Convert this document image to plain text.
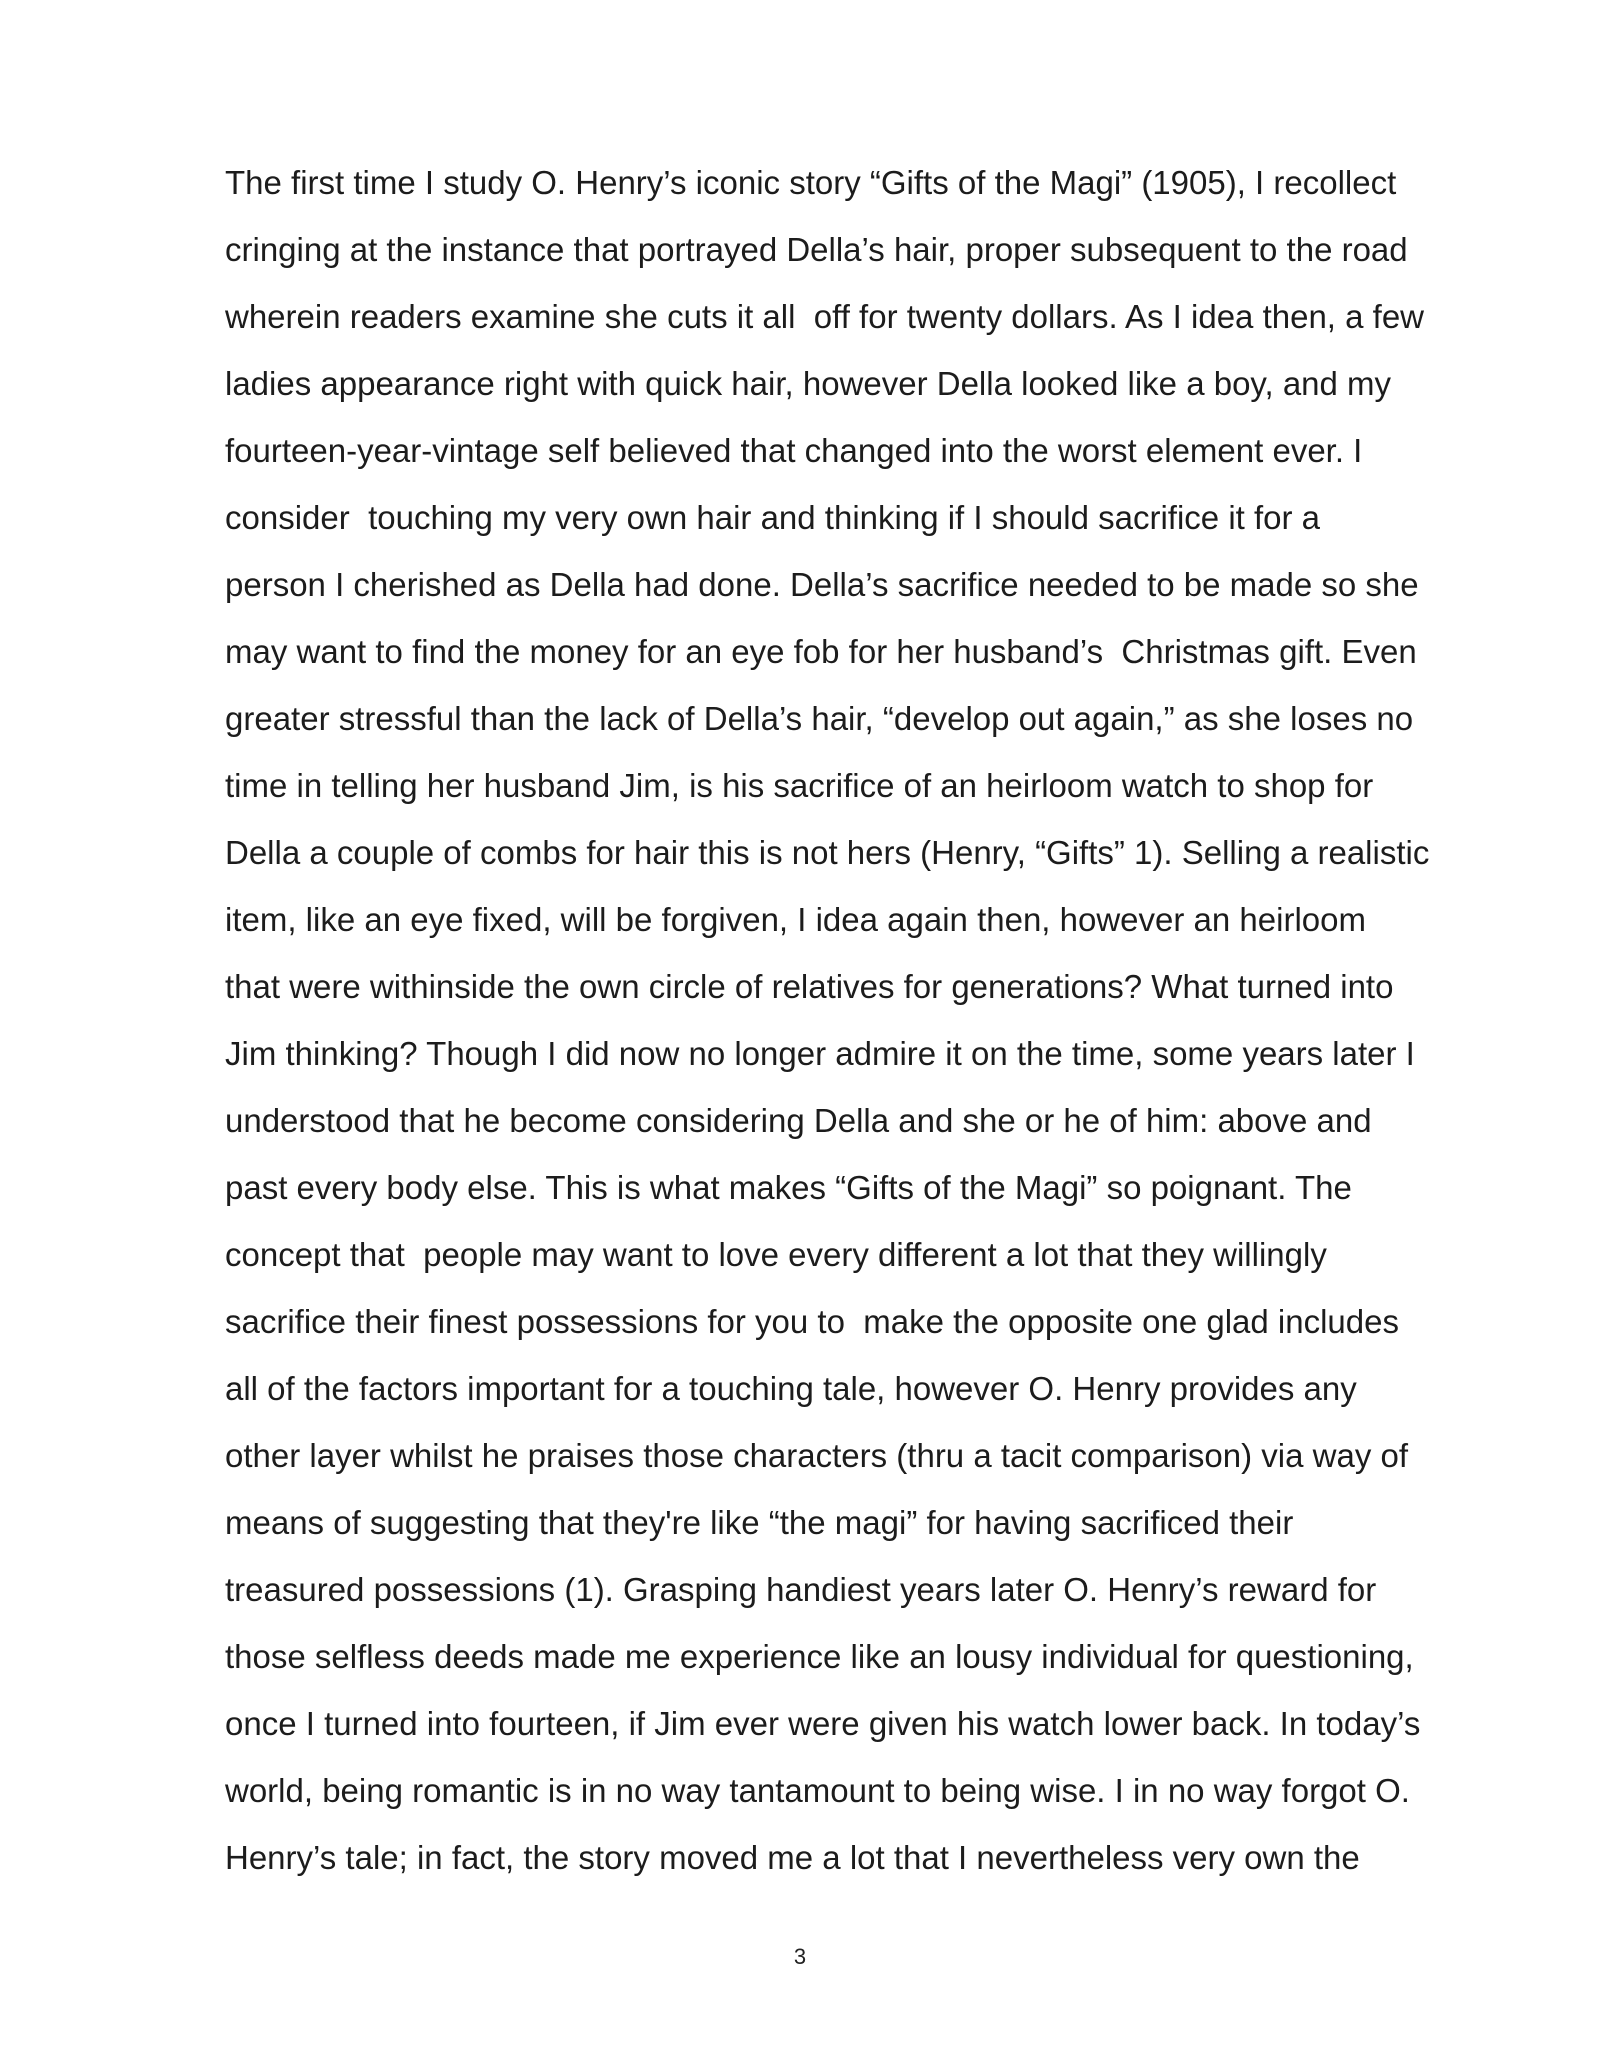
The first time I study O. Henry’s iconic story “Gifts of the Magi” (1905), I recollect
cringing at the instance that portrayed Della’s hair, proper subsequent to the road
wherein readers examine she cuts it all  off for twenty dollars. As I idea then, a few
ladies appearance right with quick hair, however Della looked like a boy, and my
fourteen-year-vintage self believed that changed into the worst element ever. I
consider  touching my very own hair and thinking if I should sacrifice it for a
person I cherished as Della had done. Della’s sacrifice needed to be made so she
may want to find the money for an eye fob for her husband’s  Christmas gift. Even
greater stressful than the lack of Della’s hair, “develop out again,” as she loses no
time in telling her husband Jim, is his sacrifice of an heirloom watch to shop for
Della a couple of combs for hair this is not hers (Henry, “Gifts” 1). Selling a realistic
item, like an eye fixed, will be forgiven, I idea again then, however an heirloom
that were withinside the own circle of relatives for generations? What turned into
Jim thinking? Though I did now no longer admire it on the time, some years later I
understood that he become considering Della and she or he of him: above and
past every body else. This is what makes “Gifts of the Magi” so poignant. The
concept that  people may want to love every different a lot that they willingly
sacrifice their finest possessions for you to  make the opposite one glad includes
all of the factors important for a touching tale, however O. Henry provides any
other layer whilst he praises those characters (thru a tacit comparison) via way of
means of suggesting that they're like “the magi” for having sacrificed their
treasured possessions (1). Grasping handiest years later O. Henry’s reward for
those selfless deeds made me experience like an lousy individual for questioning,
once I turned into fourteen, if Jim ever were given his watch lower back. In today’s
world, being romantic is in no way tantamount to being wise. I in no way forgot O.
Henry’s tale; in fact, the story moved me a lot that I nevertheless very own the
3
